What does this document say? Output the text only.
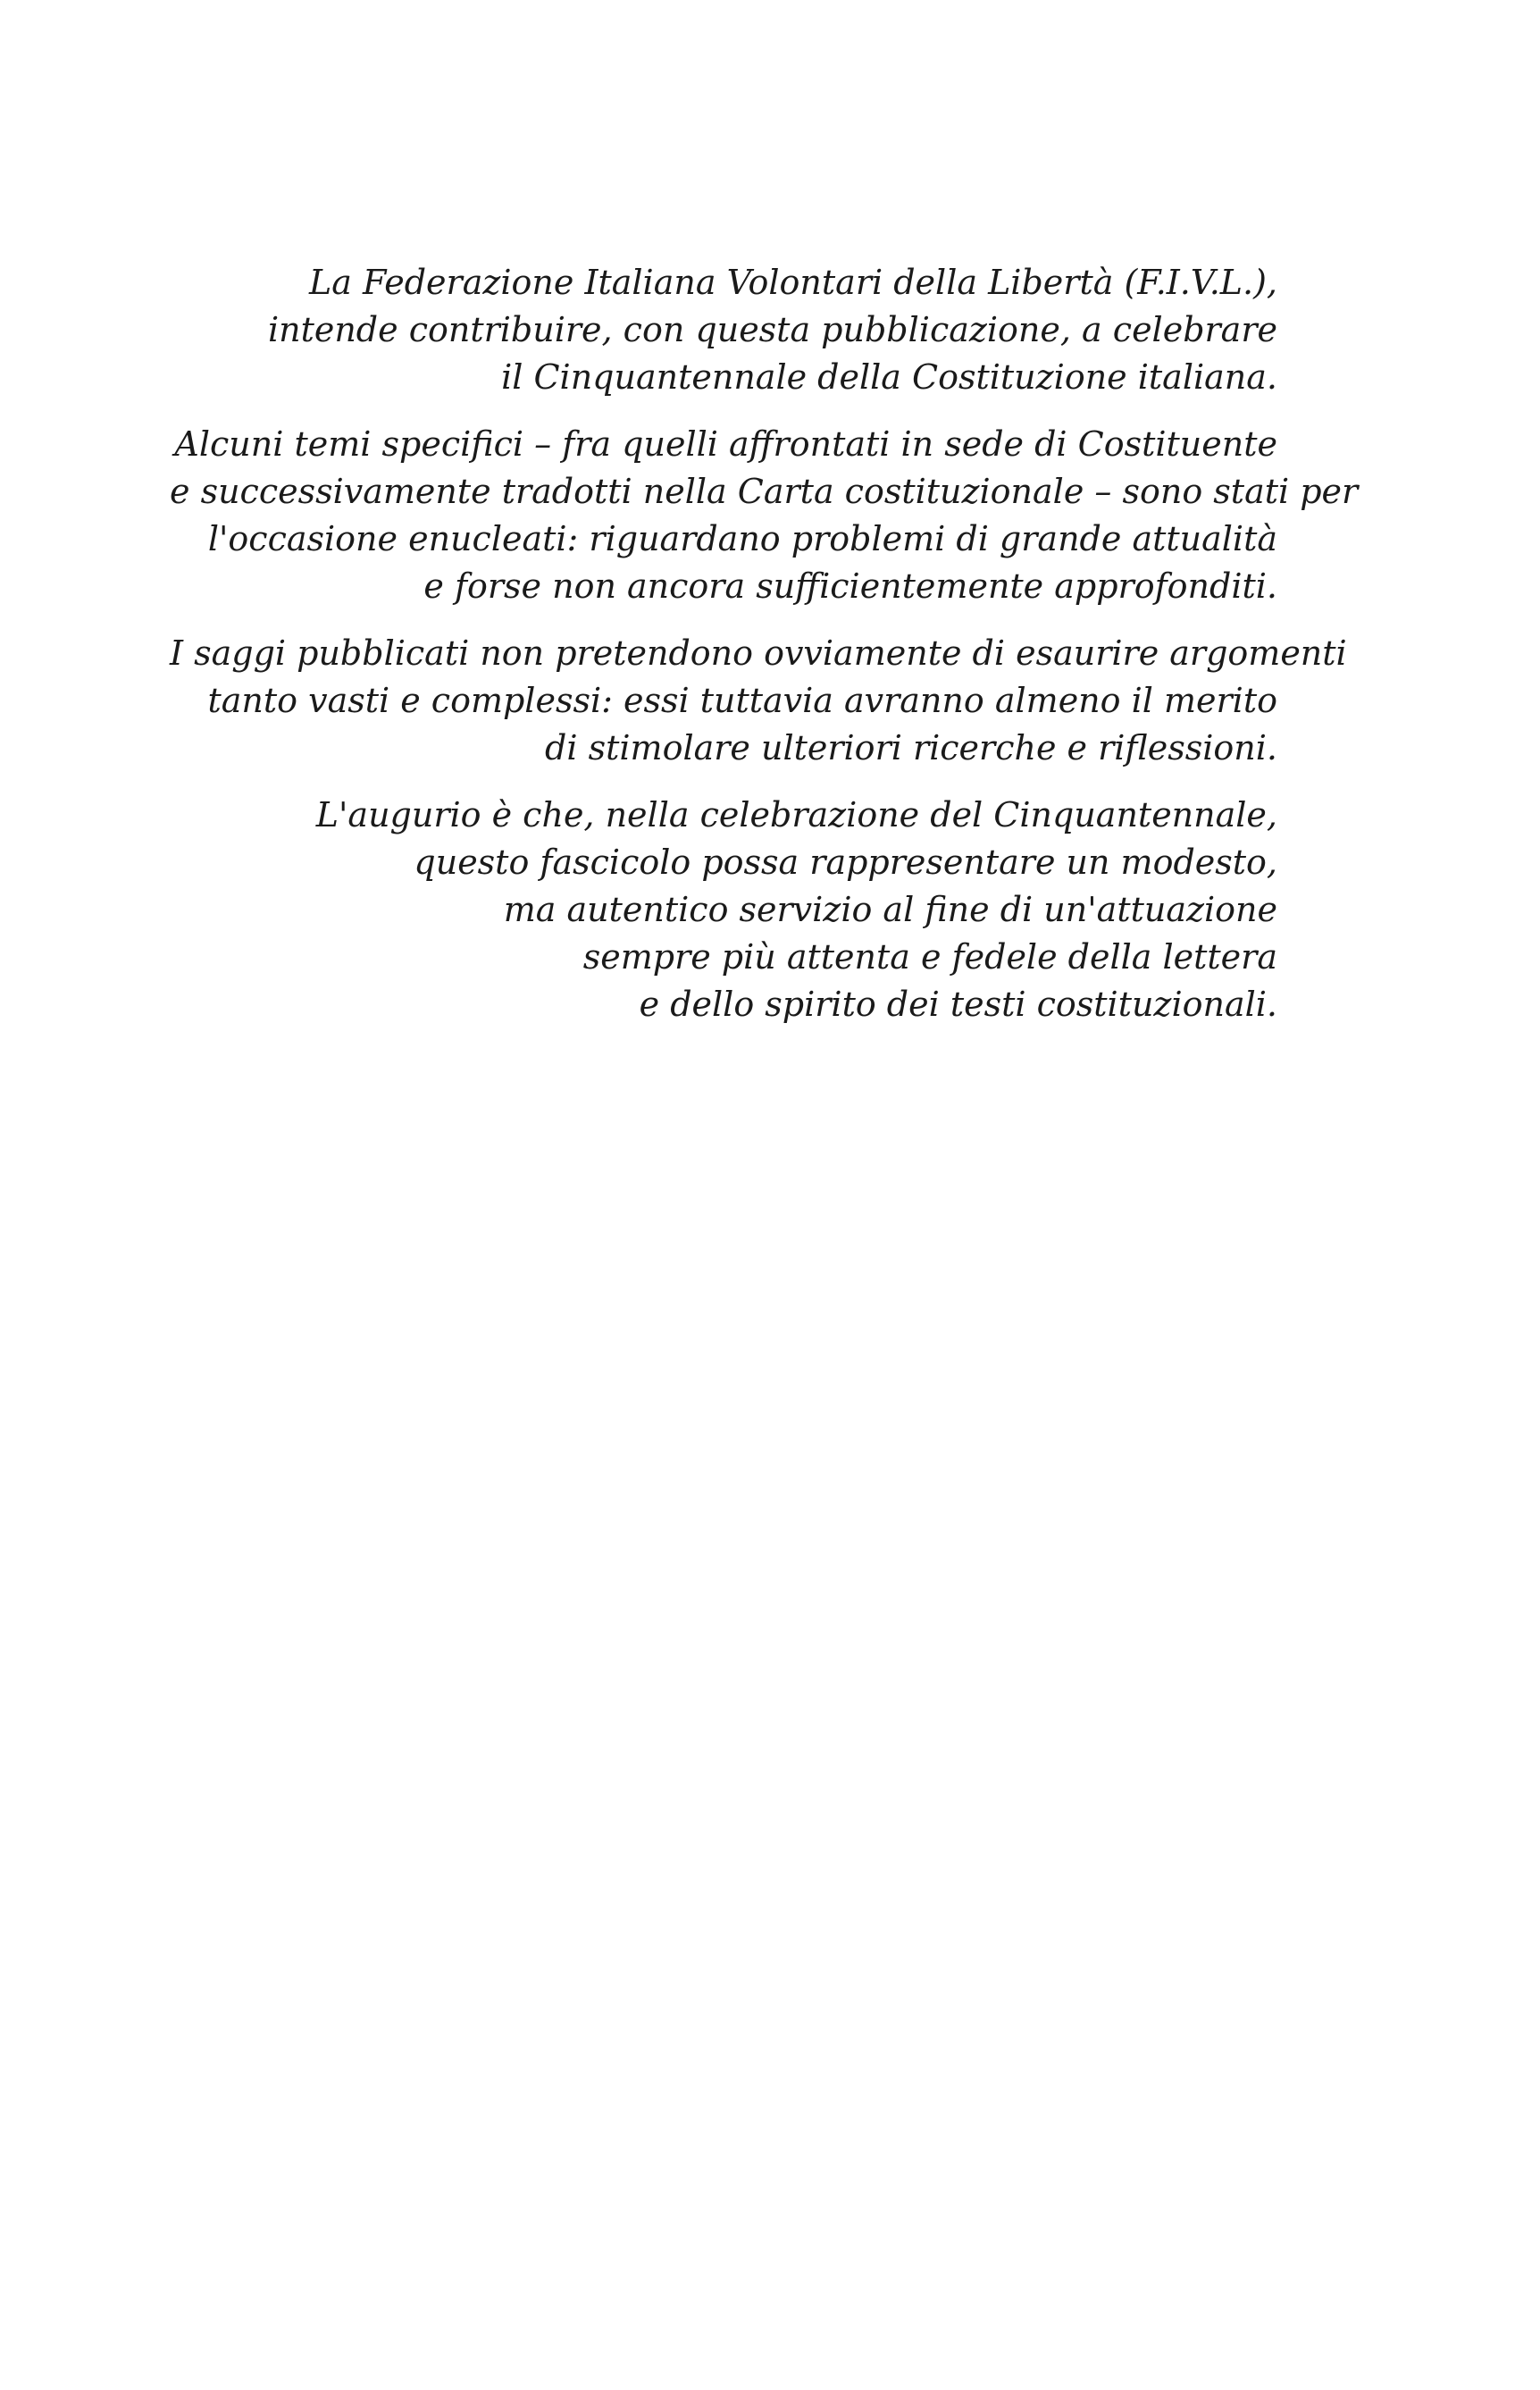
La Federazione Italiana Volontari della Libertà (F.I.V.L.),
intende contribuire, con questa pubblicazione, a celebrare
il Cinquantennale della Costituzione italiana.

Alcuni temi specifici – fra quelli affrontati in sede di Costituente
e successivamente tradotti nella Carta costituzionale – sono stati per
l'occasione enucleati: riguardano problemi di grande attualità
e forse non ancora sufficientemente approfonditi.

I saggi pubblicati non pretendono ovviamente di esaurire argomenti
tanto vasti e complessi: essi tuttavia avranno almeno il merito
di stimolare ulteriori ricerche e riflessioni.

L'augurio è che, nella celebrazione del Cinquantennale,
questo fascicolo possa rappresentare un modesto,
ma autentico servizio al fine di un'attuazione
sempre più attenta e fedele della lettera
e dello spirito dei testi costituzionali.
